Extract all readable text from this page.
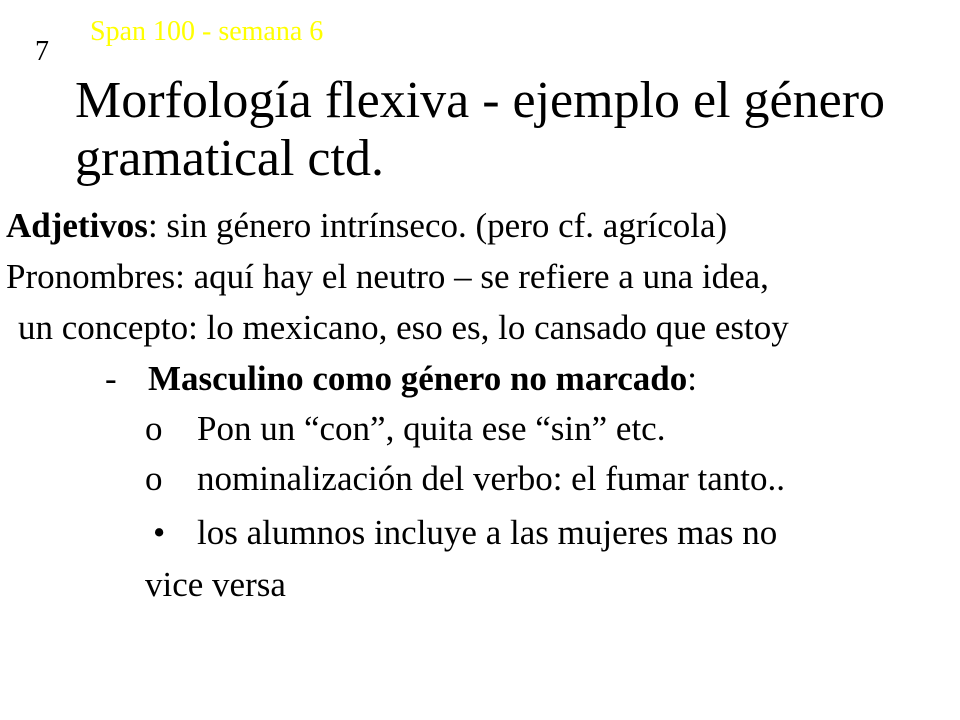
Span 100 - semana 6
7
Morfología flexiva - ejemplo el género gramatical ctd.
Adjetivos: sin género intrínseco. (pero cf. agrícola)
Pronombres: aquí hay el neutro – se refiere a una idea,
un concepto: lo mexicano, eso es, lo cansado que estoy
- Masculino como género no marcado:
o Pon un “con”, quita ese “sin” etc.
o nominalización del verbo: el fumar tanto..
• los alumnos incluye a las mujeres mas no
vice versa
